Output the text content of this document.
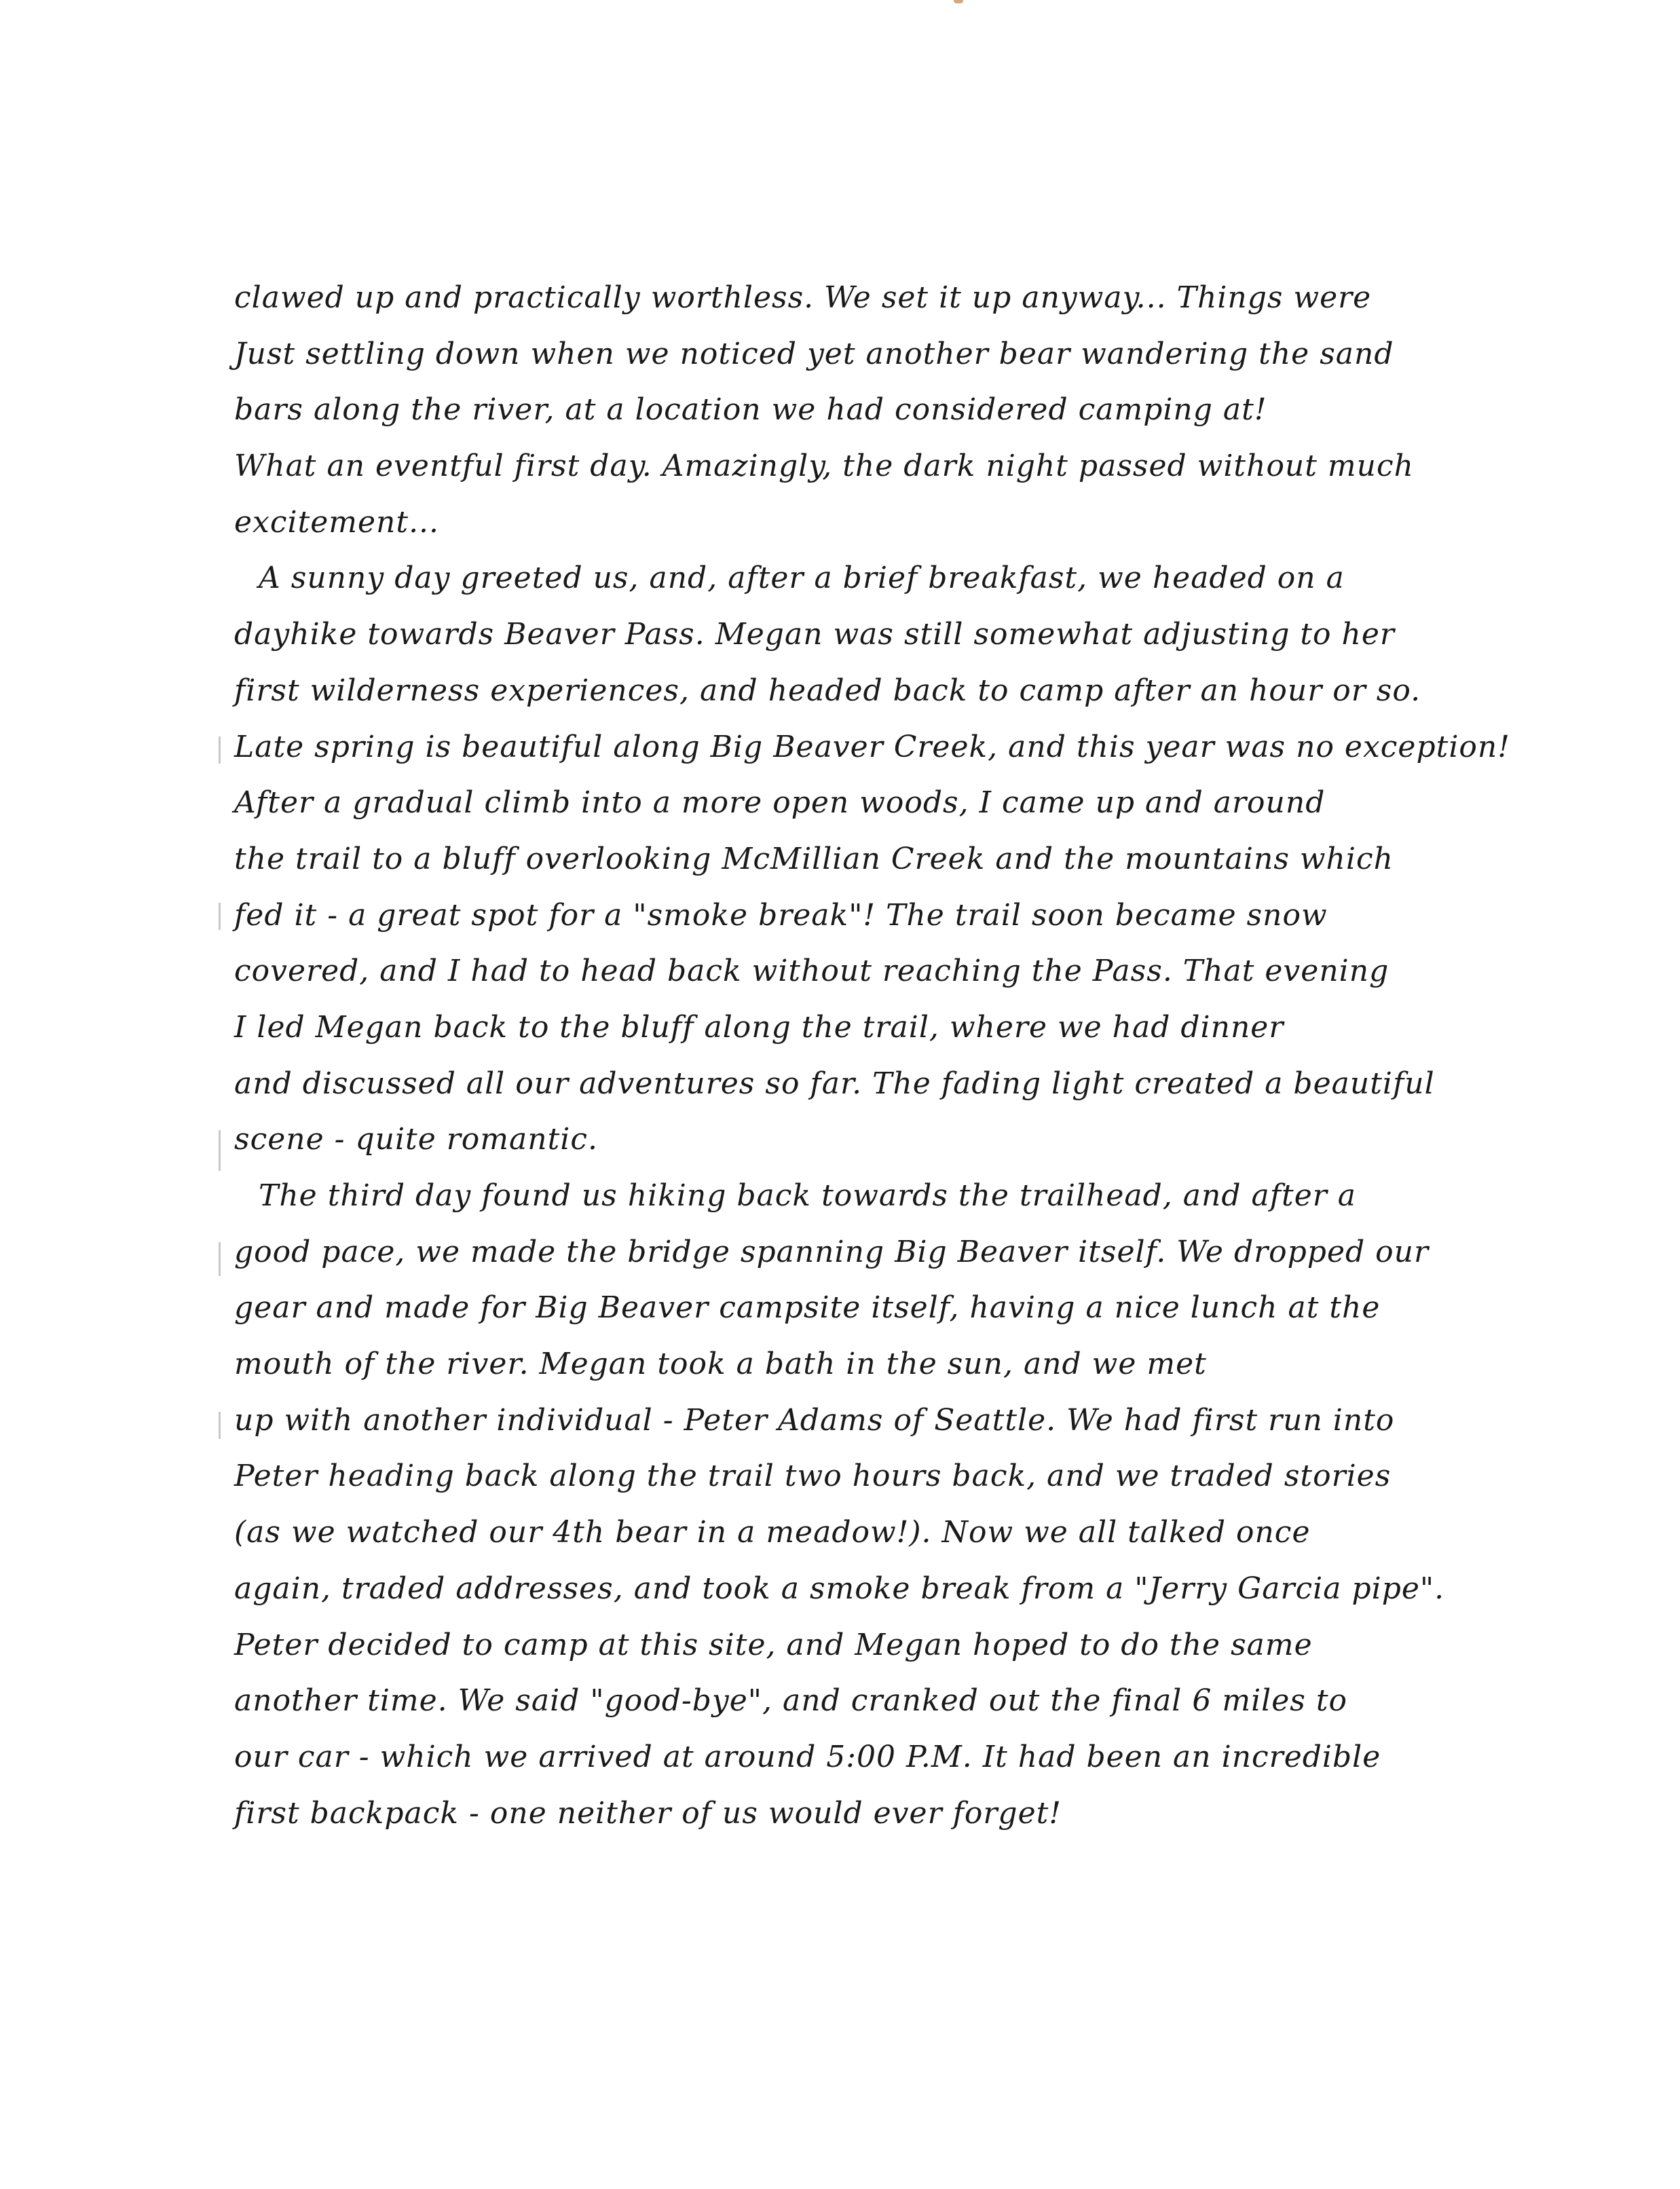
clawed up and practically worthless. We set it up anyway... Things were
Just settling down when we noticed yet another bear wandering the sand
bars along the river, at a location we had considered camping at!
What an eventful first day. Amazingly, the dark night passed without much
excitement...
A sunny day greeted us, and, after a brief breakfast, we headed on a
dayhike towards Beaver Pass. Megan was still somewhat adjusting to her
first wilderness experiences, and headed back to camp after an hour or so.
Late spring is beautiful along Big Beaver Creek, and this year was no exception!
After a gradual climb into a more open woods, I came up and around
the trail to a bluff overlooking McMillian Creek and the mountains which
fed it - a great spot for a "smoke break"! The trail soon became snow
covered, and I had to head back without reaching the Pass. That evening
I led Megan back to the bluff along the trail, where we had dinner
and discussed all our adventures so far. The fading light created a beautiful
scene - quite romantic.
The third day found us hiking back towards the trailhead, and after a
good pace, we made the bridge spanning Big Beaver itself. We dropped our
gear and made for Big Beaver campsite itself, having a nice lunch at the
mouth of the river. Megan took a bath in the sun, and we met
up with another individual - Peter Adams of Seattle. We had first run into
Peter heading back along the trail two hours back, and we traded stories
(as we watched our 4th bear in a meadow!). Now we all talked once
again, traded addresses, and took a smoke break from a "Jerry Garcia pipe".
Peter decided to camp at this site, and Megan hoped to do the same
another time. We said "good-bye", and cranked out the final 6 miles to
our car - which we arrived at around 5:00 P.M. It had been an incredible
first backpack - one neither of us would ever forget!
